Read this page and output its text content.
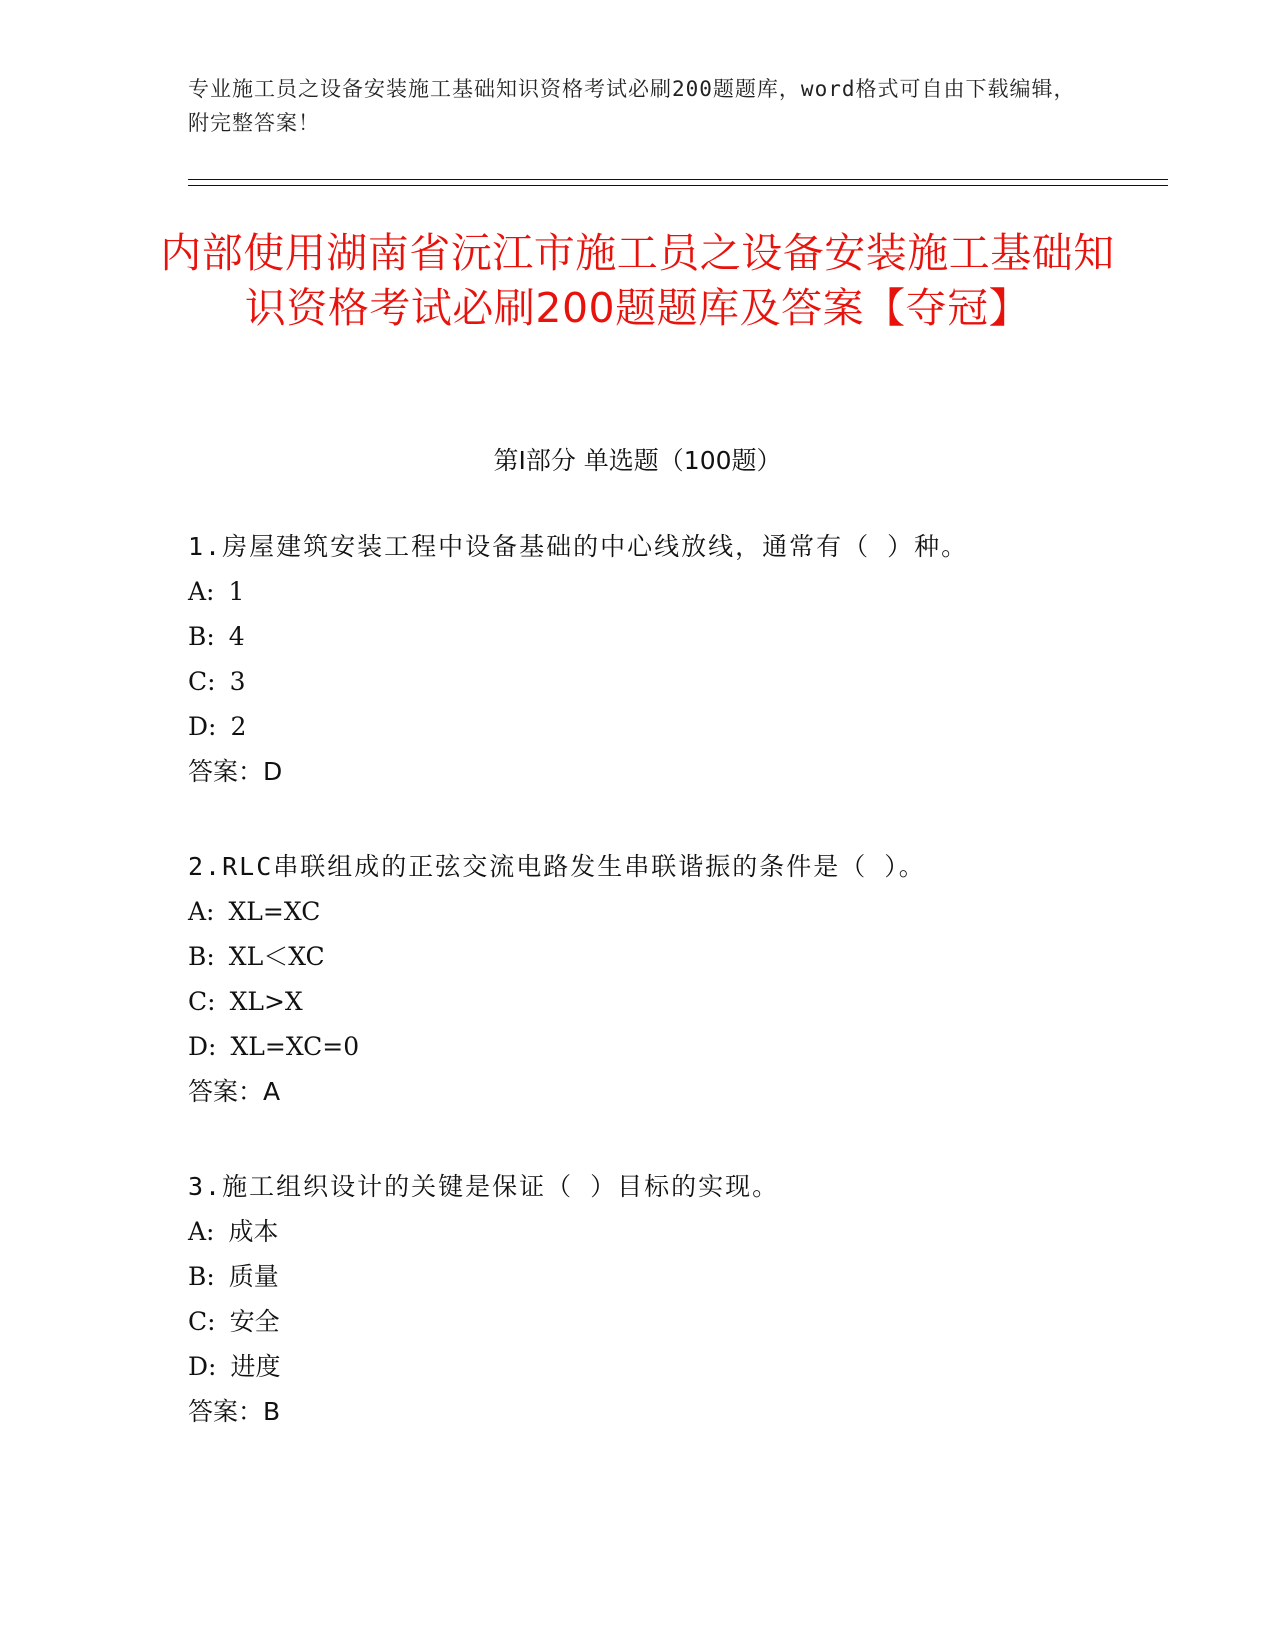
专业施工员之设备安装施工基础知识资格考试必刷200题题库，word格式可自由下载编辑，附完整答案！
内部使用湖南省沅江市施工员之设备安装施工基础知识资格考试必刷200题题库及答案【夺冠】
第Ⅰ部分 单选题（100题）

1.房屋建筑安装工程中设备基础的中心线放线，通常有（ ）种。

A: 1

B: 4

C: 3

D: 2

答案：D

2.RLC串联组成的正弦交流电路发生串联谐振的条件是（ ）。

A: XL=XC

B: XL＜XC

C: XL>X

D: XL=XC=0

答案：A

3.施工组织设计的关键是保证（ ）目标的实现。

A: 成本

B: 质量

C: 安全

D: 进度

答案：B
